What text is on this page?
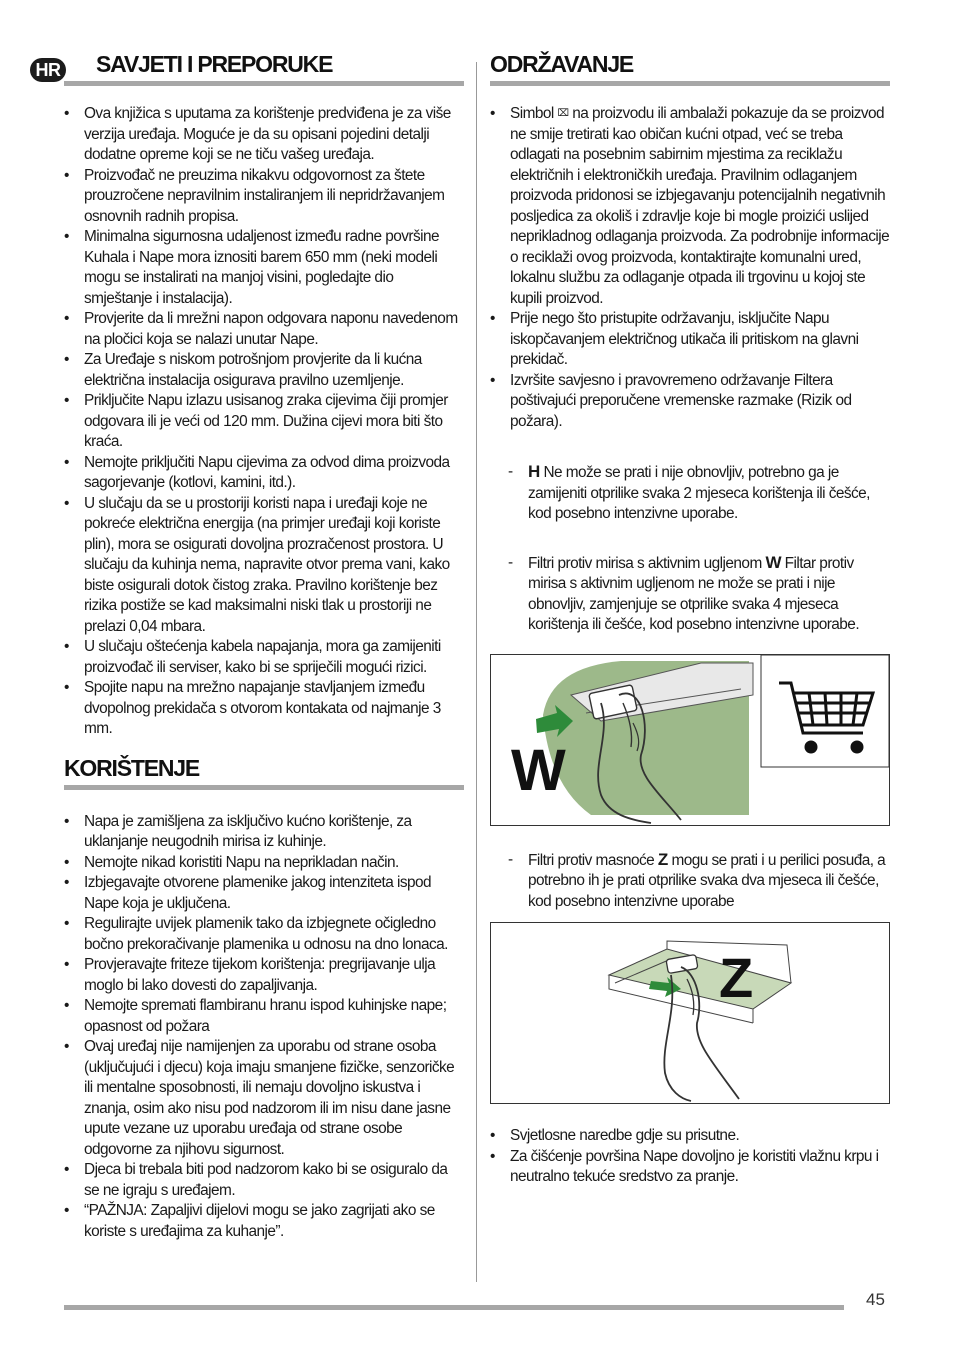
HR SAVJETI I PREPORUKE
• Ova knjižica s uputama za korištenje predviđena je za više verzija uređaja. Moguće je da su opisani pojedini detalji dodatne opreme koji se ne tiču vašeg uređaja.
• Proizvođač ne preuzima nikakvu odgovornost za štete prouzročene nepravilnim instaliranjem ili nepridržavanjem osnovnih radnih propisa.
• Minimalna sigurnosna udaljenost između radne površine Kuhala i Nape mora iznositi barem 650 mm (neki modeli mogu se instalirati na manjoj visini, pogledajte dio smještanje i instalacija).
• Provjerite da li mrežni napon odgovara naponu navedenom na pločici koja se nalazi unutar Nape.
• Za Uređaje s niskom potrošnjom provjerite da li kućna električna instalacija osigurava pravilno uzemljenje.
• Priključite Napu izlazu usisanog zraka cijevima čiji promjer odgovara ili je veći od 120 mm. Dužina cijevi mora biti što kraća.
• Nemojte priključiti Napu cijevima za odvod dima proizvoda sagorjevanje (kotlovi, kamini, itd.).
• U slučaju da se u prostoriji koristi napa i uređaji koje ne pokreće električna energija (na primjer uređaji koji koriste plin), mora se osigurati dovoljna prozračenost prostora. U slučaju da kuhinja nema, napravite otvor prema vani, kako biste osigurali dotok čistog zraka. Pravilno korištenje bez rizika postiže se kad maksimalni niski tlak u prostoriji ne prelazi 0,04 mbara.
• U slučaju oštećenja kabela napajanja, mora ga zamijeniti proizvođač ili serviser, kako bi se spriječili mogući rizici.
• Spojite napu na mrežno napajanje stavljanjem između dvopolnog prekidača s otvorom kontakata od najmanje 3 mm.
KORIŠTENJE
• Napa je zamišljena za isključivo kućno korištenje, za uklanjanje neugodnih mirisa iz kuhinje.
• Nemojte nikad koristiti Napu na neprikladan način.
• Izbjegavajte otvorene plamenike jakog intenziteta ispod Nape koja je uključena.
• Regulirajte uvijek plamenik tako da izbjegnete očigledno bočno prekoračivanje plamenika u odnosu na dno lonaca.
• Provjeravajte friteze tijekom korištenja: pregrijavanje ulja moglo bi lako dovesti do zapaljivanja.
• Nemojte spremati flambiranu hranu ispod kuhinjske nape; opasnost od požara
• Ovaj uređaj nije namijenjen za uporabu od strane osoba (uključujući i djecu) koja imaju smanjene fizičke, senzoričke ili mentalne sposobnosti, ili nemaju dovoljno iskustva i znanja, osim ako nisu pod nadzorom ili im nisu dane jasne upute vezane uz uporabu uređaja od strane osobe odgovorne za njihovu sigurnost.
• Djeca bi trebala biti pod nadzorom kako bi se osiguralo da se ne igraju s uređajem.
• “PAŽNJA: Zapaljivi dijelovi mogu se jako zagrijati ako se koriste s uređajima za kuhanje”.
ODRŽAVANJE
• Simbol ⌧ na proizvodu ili ambalaži pokazuje da se proizvod ne smije tretirati kao običan kućni otpad, već se treba odlagati na posebnim sabirnim mjestima za reciklažu električnih i elektroničkih uređaja. Pravilnim odlaganjem proizvoda pridonosi se izbjegavanju potencijalnih negativnih posljedica za okoliš i zdravlje koje bi mogle proizići uslijed neprikladnog odlaganja proizvoda. Za podrobnije informacije o reciklaži ovog proizvoda, kontaktirajte komunalni ured, lokalnu službu za odlaganje otpada ili trgovinu u kojoj ste kupili proizvod.
• Prije nego što pristupite održavanju, isključite Napu iskopčavanjem električnog utikača ili pritiskom na glavni prekidač.
• Izvršite savjesno i pravovremeno održavanje Filtera poštivajući preporučene vremenske razmake (Rizik od požara).
- H Ne može se prati i nije obnovljiv, potrebno ga je zamijeniti otprilike svaka 2 mjeseca korištenja ili češće, kod posebno intenzivne uporabe.
- Filtri protiv mirisa s aktivnim ugljenom W Filtar protiv mirisa s aktivnim ugljenom ne može se prati i nije obnovljiv, zamjenjuje se otprilike svaka 4 mjeseca korištenja ili češće, kod posebno intenzivne uporabe.
W
- Filtri protiv masnoće Z mogu se prati i u perilici posuđa, a potrebno ih je prati otprilike svaka dva mjeseca ili češće, kod posebno intenzivne uporabe
Z
• Svjetlosne naredbe gdje su prisutne.
• Za čišćenje površina Nape dovoljno je koristiti vlažnu krpu i neutralno tekuće sredstvo za pranje.
45
